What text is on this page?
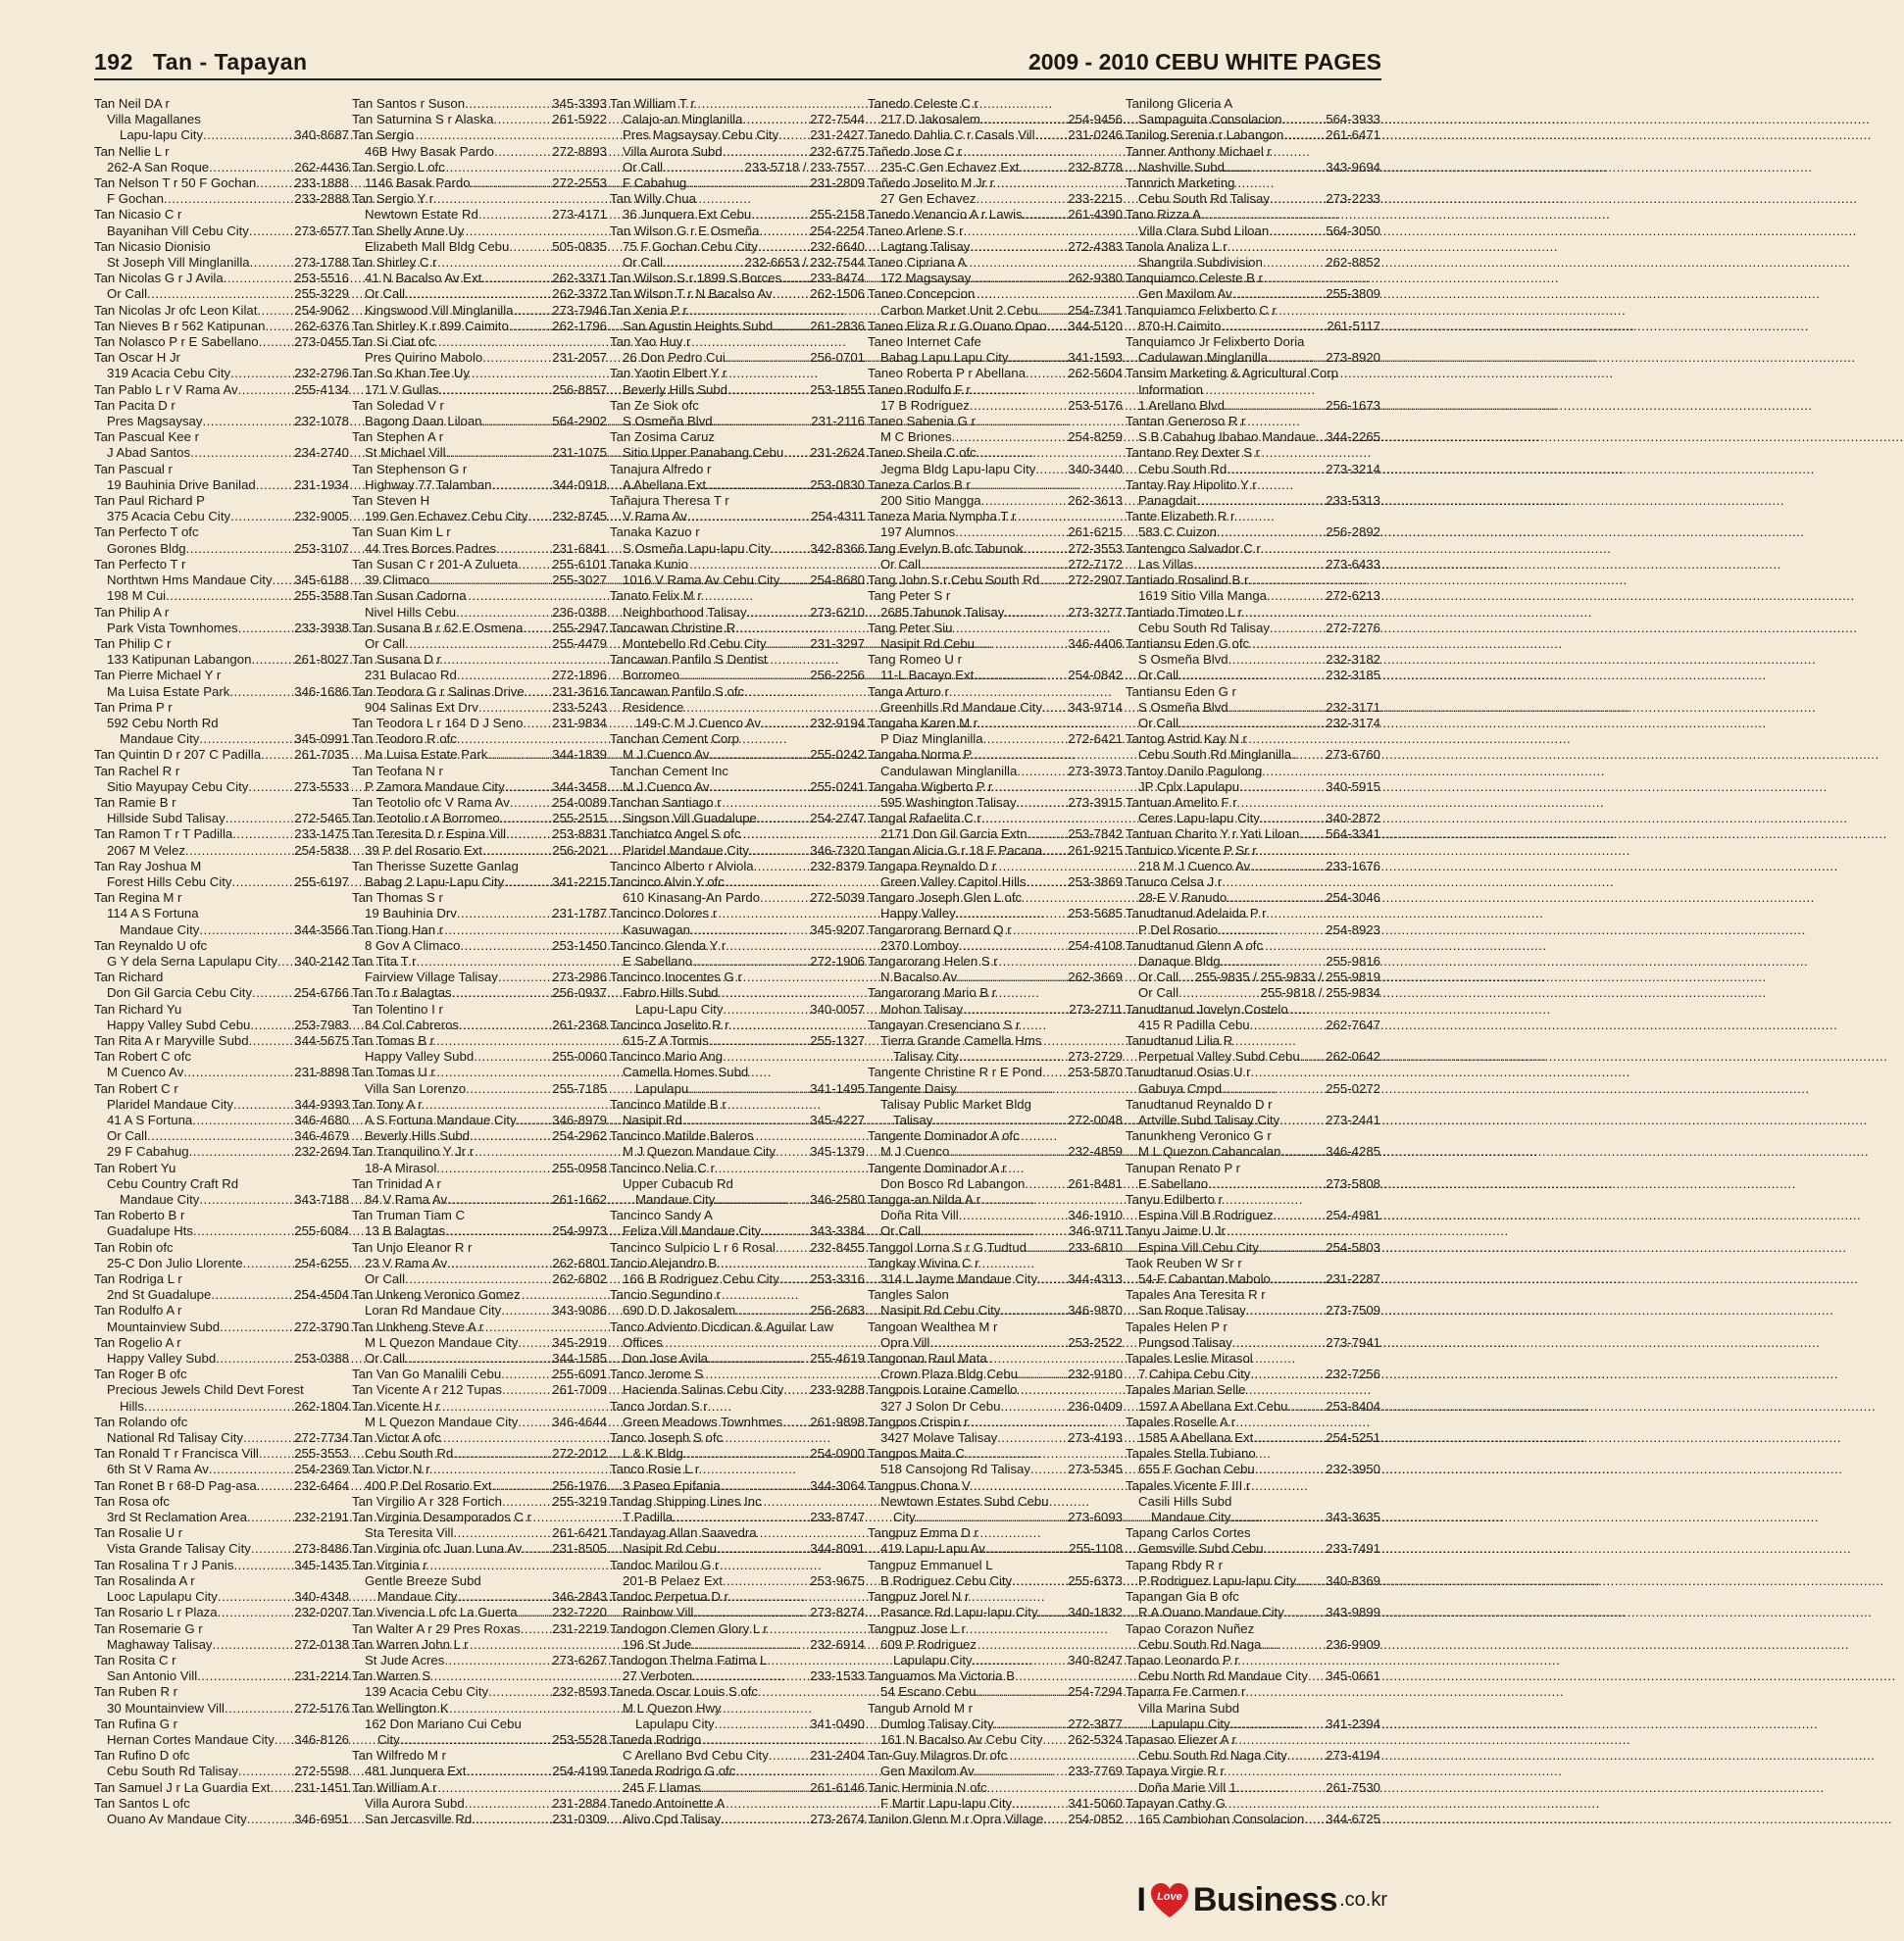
192 Tan - Tapayan	2009 - 2010 CEBU WHITE PAGES
Tan Neil DA r
Villa Magallanes
Lapu-lapu City .....	340-8687
Tan Nellie L r
262-A San Roque .....	262-4436
Tan Nelson T r 50 F Gochan .....	233-1888
F Gochan .....	233-2888
Tan Nicasio C r
Bayanihan Vill Cebu City .....	273-6577
Tan Nicasio Dionisio
St Joseph Vill Minglanilla .....	273-1788
Tan Nicolas G r J Avila .....	253-5516
Or Call .....	255-3229
Tan Nicolas Jr ofc Leon Kilat .....	254-9062
Tan Nieves B r 562 Katipunan ..... 262-6376
Tan Nolasco P r E Sabellano .....	273-0455
Tan Oscar H Jr
319 Acacia Cebu City .....	232-2796
Tan Pablo L r V Rama Av .....	255-4134
Tan Pacita D r
Pres Magsaysay .....	232-1078
Tan Pascual Kee r
J Abad Santos .....	234-2740
Tan Pascual r
19 Bauhinia Drive Banilad .....	231-1934
Tan Paul Richard P
375 Acacia Cebu City .....	232-9005
Tan Perfecto T ofc
Gorones Bldg .....	253-3107
Tan Perfecto T r
Northtwn Hms Mandaue City ..... 345-6188
198 M Cui .....	255-3588
Tan Philip A r
Park Vista Townhomes .....	233-3938
Tan Philip C r
133 Katipunan Labangon .....	261-8027
Tan Pierre Michael Y r
Ma Luisa Estate Park .....	346-1686
Tan Prima P r
592 Cebu North Rd
Mandaue City .....	345-0991
Tan Quintin D r 207 C Padilla .....	261-7035
Tan Rachel R r
Sitio Mayupay Cebu City .....	273-5533
Tan Ramie B r
Hillside Subd Talisay .....	272-5465
Tan Ramon T r T Padilla .....	233-1475
2067 M Velez .....	254-5838
Tan Ray Joshua M
Forest Hills Cebu City .....	255-6197
Tan Regina M r
114 A S Fortuna
Mandaue City .....	344-3566
Tan Reynaldo U ofc
G Y dela Serna Lapulapu City ..... 340-2142
Tan Richard
Don Gil Garcia Cebu City .....	254-6766
Tan Richard Yu
Happy Valley Subd Cebu .....	253-7983
Tan Rita A r Maryville Subd .....	344-5675
Tan Robert C ofc
M Cuenco Av .....	231-8898
Tan Robert C r
Plaridel Mandaue City .....	344-9393
41 A S Fortuna .....	346-4680
Or Call .....	346-4679
29 F Cabahug .....	232-2694
Tan Robert Yu
Cebu Country Craft Rd
Mandaue City .....	343-7188
Tan Roberto B r
Guadalupe Hts .....	255-6084
Tan Robin ofc
25-C Don Julio Llorente .....	254-6255
Tan Rodriga L r
2nd St Guadalupe .....	254-4504
Tan Rodulfo A r
Mountainview Subd .....	272-3790
Tan Rogelio A r
Happy Valley Subd .....	253-0388
Tan Roger B ofc
Precious Jewels Child Devt Forest
Hills .....	262-1804
Tan Rolando ofc
National Rd Talisay City .....	272-7734
Tan Ronald T r Francisca Vill .....	255-3553
6th St V Rama Av .....	254-2369
Tan Ronet B r 68-D Pag-asa .....	232-6464
Tan Rosa ofc
3rd St Reclamation Area .....	232-2191
Tan Rosalie U r
Vista Grande Talisay City .....	273-8486
Tan Rosalina T r J Panis .....	345-1435
Tan Rosalinda A r
Looc Lapulapu City .....	340-4348
Tan Rosario L r Plaza .....	232-0207
Tan Rosemarie G r
Maghaway Talisay .....	272-0138
Tan Rosita C r
San Antonio Vill .....	231-2214
Tan Ruben R r
30 Mountainview Vill .....	272-5176
Tan Rufina G r
Hernan Cortes Mandaue City ..... 346-8126
Tan Rufino D ofc
Cebu South Rd Talisay .....	272-5598
Tan Samuel J r La Guardia Ext ..... 231-1451
Tan Santos L ofc
Ouano Av Mandaue City .....	346-6951
Tan Santos r Suson .....	345-3393
Tan Saturnina S r Alaska .....	261-5922
Tan Sergio
46B Hwy Basak Pardo .....	272-8893
Tan Sergio L ofc
1146 Basak Pardo .....	272-2553
Tan Sergio Y r
Newtown Estate Rd .....	273-4171
Tan Shelly Anne Uy
Elizabeth Mall Bldg Cebu .....	505-0835
Tan Shirley C r
41 N Bacalso Av Ext .....	262-3371
Or Call .....	262-3372
Kingswood Vill Minglanilla .....	273-7946
Tan Shirley K r 899 Caimito .....	262-1796
Tan Si Ciat ofc
Pres Quirino Mabolo .....	231-2057
Tan So Khan Tee Uy
171 V Gullas .....	256-8857
Tan Soledad V r
Bagong Daan Liloan .....	564-2902
Tan Stephen A r
St Michael Vill .....	231-1075
Tan Stephenson G r
Highway 77 Talamban .....	344-0918
Tan Steven H
199 Gen Echavez Cebu City ..... 232-8745
Tan Suan Kim L r
44 Tres Borces Padres .....	231-6841
Tan Susan C r 201-A Zulueta .....	255-6101
39 Climaco .....	255-3027
Tan Susan Cadorna
Nivel Hills Cebu .....	236-0388
Tan Susana B r 62 E Osmena ..... 255-2947
Or Call .....	255-4479
Tan Susana D r
231 Bulacao Rd .....	272-1896
Tan Teodora G r Salinas Drive ..... 231-3616
904 Salinas Ext Drv .....	233-5243
Tan Teodora L r 164 D J Seno ..... 231-9834
Tan Teodoro R ofc
Ma Luisa Estate Park .....	344-1839
Tan Teofana N r
P Zamora Mandaue City .....	344-3458
Tan Teotolio ofc V Rama Av .....	254-0089
Tan Teotolio r A Borromeo .....	255-2515
Tan Teresita D r Espina Vill .....	253-8831
39 P del Rosario Ext .....	256-2021
Tan Therisse Suzette Ganlag
Babag 2 Lapu-Lapu City .....	341-2215
Tan Thomas S r
19 Bauhinia Drv .....	231-1787
Tan Tiong Han r
8 Gov A Climaco .....	253-1450
Tan Tita T r
Fairview Village Talisay .....	273-2986
Tan To r Balagtas .....	256-0937
Tan Tolentino I r
84 Col Cabreros .....	261-2368
Tan Tomas B r
Happy Valley Subd .....	255-0060
Tan Tomas U r
Villa San Lorenzo .....	255-7185
Tan Tony A r
A S Fortuna Mandaue City .....	346-8979
Beverly Hills Subd .....	254-2962
Tan Tranquilino Y Jr r
18-A Mirasol .....	255-0958
Tan Trinidad A r
84 V Rama Av .....	261-1662
Tan Truman Tiam C
13 B Balagtas .....	254-9973
Tan Unjo Eleanor R r
23 V Rama Av .....	262-6801
Or Call .....	262-6802
Tan Unkeng Veronico Gomez
Loran Rd Mandaue City .....	343-9086
Tan Unkheng Steve A r
M L Quezon Mandaue City .....	345-2919
Or Call .....	344-1585
Tan Van Go Manalili Cebu .....	255-6091
Tan Vicente A r 212 Tupas .....	261-7009
Tan Vicente H r
M L Quezon Mandaue City .....	346-4644
Tan Victor A ofc
Cebu South Rd .....	272-2012
Tan Victor N r
400 P Del Rosario Ext .....	256-1976
Tan Virgilio A r 328 Fortich .....	255-3219
Tan Virginia Desamporados C r
Sta Teresita Vill .....	261-6421
Tan Virginia ofc Juan Luna Av ..... 231-8505
Tan Virginia r
Gentle Breeze Subd
Mandaue City .....	346-2843
Tan Vivencia L ofc La Guerta .....	232-7220
Tan Walter A r 29 Pres Roxas ..... 231-2219
Tan Warren John L r
St Jude Acres .....	273-6267
Tan Warren S
139 Acacia Cebu City .....	232-8593
Tan Wellington K
162 Don Mariano Cui Cebu
City .....	253-5528
Tan Wilfredo M r
481 Junquera Ext .....	254-4199
Tan William A r
Villa Aurora Subd .....	231-2884
San Jercasville Rd .....	231-0309
Tan William T r
Calajo-an Minglanilla .....	272-7544
Pres Magsaysay Cebu City ..... 231-2427
Villa Aurora Subd .....	232-6775
Or Call .....	233-5718 / 233-7557
F Cabahug .....	231-2809
Tan Willy Chua
36 Junquera Ext Cebu .....	255-2158
Tan Wilson G r E Osmeña .....	254-2254
75 F Gochan Cebu City .....	232-6640
Or Call .....	232-6653 / 232-7544
Tan Wilson S r 1899 S Borces ..... 233-8474
Tan Wilson T r N Bacalso Av .....	262-1506
Tan Xenia P r
San Agustin Heights Subd .....	261-2836
Tan Yao Huy r
26 Don Pedro Cui .....	256-0701
Tan Yaotin Elbert Y r
Beverly Hills Subd .....	253-1855
Tan Ze Siok ofc
S Osmeña Blvd .....	231-2116
Tan Zosima Caruz
Sitio Upper Panabang Cebu ..... 231-2624
Tanajura Alfredo r
A Abellana Ext .....	253-0830
Tañajura Theresa T r
V Rama Av .....	254-4311
Tanaka Kazuo r
S Osmeña Lapu-lapu City .....	342-8366
Tanaka Kunio
1016 V Rama Av Cebu City ..... 254-8680
Tanato Felix M r
Neighborhood Talisay .....	273-6210
Tancawan Christine R
Montebello Rd Cebu City .....	231-3297
Tancawan Panfilo S Dentist
Borromeo .....	256-2256
Tancawan Panfilo S ofc
Residence
149-C M J Cuenco Av .....	232-9194
Tanchan Cement Corp
M J Cuenco Av .....	255-0242
Tanchan Cement Inc
M J Cuenco Av .....	255-0241
Tanchan Santiago r
Singson Vill Guadalupe .....	254-2747
Tanchiatco Angel S ofc
Plaridel Mandaue City .....	346-7320
Tancinco Alberto r Alviola .....	232-8379
Tancinco Alvin Y ofc
610 Kinasang-An Pardo .....	272-5039
Tancinco Dolores r
Kasuwagan .....	345-9207
Tancinco Glenda Y r
E Sabellano .....	272-1906
Tancinco Inocentes G r
Fabro Hills Subd
Lapu-Lapu City .....	340-0057
Tancinco Joselito R r
615-Z A Tormis .....	255-1327
Tancinco Mario Ang
Camella Homes Subd
Lapulapu .....	341-1495
Tancinco Matilde B r
Nasipit Rd .....	345-4227
Tancinco Matilde Baleros
M J Quezon Mandaue City .....	345-1379
Tancinco Nelia C r
Upper Cubacub Rd
Mandaue City .....	346-2580
Tancinco Sandy A
Feliza Vill Mandaue City .....	343-3384
Tancinco Sulpicio L r 6 Rosal .....	232-8455
Tancio Alejandro B
166 B Rodriguez Cebu City ..... 253-3316
Tancio Segundino r
690 D D Jakosalem .....	256-2683
Tanco Adviento Dicdican & Aguilar Law
Offices
Don Jose Avila .....	255-4619
Tanco Jerome S
Hacienda Salinas Cebu City ..... 233-9288
Tanco Jordan S r
Green Meadows Townhmes ..... 261-9898
Tanco Joseph S ofc
L & K Bldg .....	254-0900
Tanco Rosie L r
3 Paseo Epifania .....	344-3064
Tandag Shipping Lines Inc
T Padilla .....	233-8747
Tandayag Allan Saavedra
Nasipit Rd Cebu .....	344-8091
Tandoc Marilou G r
201-B Pelaez Ext .....	253-9675
Tandoc Perpetua D r
Rainbow Vill .....	273-8274
Tandogon Clemen Glory L r
196 St Jude .....	232-6914
Tandogon Thelma Fatima L
27 Verboten .....	233-1533
Taneda Oscar Louis S ofc
M L Quezon Hwy
Lapulapu City .....	341-0490
Taneda Rodrigo
C Arellano Bvd Cebu City .....	231-2404
Taneda Rodrigo G ofc
245 F Llamas .....	261-6146
Tanedo Antoinette A
Alivo Cpd Talisay .....	273-2674
Tanedo Celeste C r
217 D Jakosalem .....	254-9456
Tanedo Dahlia C r Casals Vill .....	231-0246
Tañedo Jose C r
235-C Gen Echavez Ext .....	232-8778
Tañedo Joselito M Jr r
27 Gen Echavez .....	233-2215
Tanedo Venancio A r Lawis .....	261-4390
Taneo Arlene S r
Lagtang Talisay .....	272-4383
Taneo Cipriana A
172 Magsaysay .....	262-9380
Taneo Concepcion
Carbon Market Unit 2 Cebu ..... 254-7341
Taneo Eliza R r G Ouano Opao ..... 344-5120
Taneo Internet Cafe
Babag Lapu Lapu City .....	341-1593
Taneo Roberta P r Abellana .....	262-5604
Taneo Rodulfo F r
17 B Rodriguez .....	253-5176
Taneo Sabenia G r
M C Briones .....	254-8259
Taneo Sheila C ofc
Jegma Bldg Lapu-lapu City ..... 340-3440
Taneza Carlos B r
200 Sitio Mangga .....	262-3613
Taneza Maria Nympha T r
197 Alumnos .....	261-6215
Tang Evelyn B ofc Tabunok .....	272-3553
Or Call .....	272-7172
Tang John S r Cebu South Rd ..... 272-2907
Tang Peter S r
2685 Tabunok Talisay .....	273-3277
Tang Peter Siu
Nasipit Rd Cebu .....	346-4406
Tang Romeo U r
11-L Bacayo Ext .....	254-0842
Tanga Arturo r
Greenhills Rd Mandaue City ..... 343-9714
Tangaha Karen M r
P Diaz Minglanilla .....	272-6421
Tangaha Norma P
Candulawan Minglanilla .....	273-3973
Tangaha Wigberto P r
595 Washington Talisay .....	273-3915
Tangal Rafaelita C r
2171 Don Gil Garcia Extn .....	253-7842
Tangan Alicia G r 18 F Pacana ..... 261-9215
Tangapa Reynaldo D r
Green Valley Capitol Hills .....	253-3869
Tangaro Joseph Glen L ofc
Happy Valley .....	253-5685
Tangarorang Bernard Q r
2370 Lomboy .....	254-4108
Tangarorang Helen S r
N Bacalso Av .....	262-3669
Tangarorang Mario B r
Mohon Talisay .....	273-2711
Tangayan Cresenciano S r
Tierra Grande Camella Hms
Talisay City .....	273-2729
Tangente Christine R r E Pond ..... 253-5870
Tangente Daisy
Talisay Public Market Bldg
Talisay .....	272-0048
Tangente Dominador A ofc
M J Cuenco .....	232-4859
Tangente Dominador A r
Don Bosco Rd Labangon .....	261-8481
Tangga-an Nilda A r
Doña Rita Vill .....	346-1910
Or Call .....	346-9711
Tanggol Lorna S r G Tudtud .....	233-6810
Tangkay Wivina C r
314 L Jayme Mandaue City ..... 344-4313
Tangles Salon
Nasipit Rd Cebu City .....	346-9870
Tangoan Wealthea M r
Opra Vill .....	253-2522
Tangonan Raul Mata
Crown Plaza Bldg Cebu .....	232-9180
Tangpois Loraine Camello
327 J Solon Dr Cebu .....	236-0409
Tangpos Crispin r
3427 Molave Talisay .....	273-4193
Tangpos Maita C
518 Cansojong Rd Talisay .....	273-5345
Tangpus Chona V
Newtown Estates Subd Cebu
City .....	273-6093
Tangpuz Emma D r
419 Lapu-Lapu Av .....	255-1108
Tangpuz Emmanuel L
B Rodriguez Cebu City .....	255-6373
Tangpuz Jorel N r
Pasance Rd Lapu-lapu City ..... 340-1832
Tangpuz Jose L r
609 P Rodriguez
Lapulapu City .....	340-8247
Tanguamos Ma Victoria B
54 Escano Cebu .....	254-7294
Tangub Arnold M r
Dumlog Talisay City .....	272-3877
161 N Bacalso Av Cebu City ..... 262-5324
Tan-Guy Milagros Dr ofc
Gen Maxilom Av .....	233-7769
Tanic Herminia N ofc
F Martir Lapu-lapu City .....	341-5060
Tanilon Glenn M r Opra Village ..... 254-0852
Tanilong Gliceria A
Sampaguita Consolacion .....	564-3933
Tanilog Serenia r Labangon .....	261-6471
Tanner Anthony Michael r
Nashville Subd .....	343-9694
Tannrich Marketing
Cebu South Rd Talisay .....	273-2233
Tano Rizza A
Villa Clara Subd Liloan .....	564-3050
Tanola Analiza L r
Shangrila Subdivision .....	262-8852
Tanquiamco Celeste B r
Gen Maxilom Av .....	255-3809
Tanquiamco Felixberto C r
870-H Caimito .....	261-5117
Tanquiamco Jr Felixberto Doria
Cadulawan Minglanilla .....	273-8920
Tansim Marketing & Agricultural Corp
Information
1 Arellano Blvd .....	256-1673
Tantan Generoso R r
S B Cabahug Ibabao Mandaue ..... 344-2265
Tantano Rey Dexter S r
Cebu South Rd .....	273-3214
Tantay Ray Hipolito Y r
Panagdait .....	233-5313
Tante Elizabeth R r
583 C Cuizon .....	256-2892
Tantengco Salvador C r
Las Villas .....	273-6433
Tantiado Rosalind B r
1619 Sitio Villa Manga .....	272-6213
Tantiado Timoteo L r
Cebu South Rd Talisay .....	272-7276
Tantiansu Eden G ofc
S Osmeña Blvd .....	232-3182
Or Call .....	232-3185
Tantiansu Eden G r
S Osmeña Blvd .....	232-3171
Or Call .....	232-3174
Tantog Astrid Kay N r
Cebu South Rd Minglanilla .....	273-6760
Tantoy Danilo Pagulong
JP Cplx Lapulapu .....	340-5915
Tantuan Amelito F r
Ceres Lapu-lapu City .....	340-2872
Tantuan Charito Y r Yati Liloan ..... 564-3341
Tantuico Vicente P Sr r
218 M J Cuenco Av .....	233-1676
Tanuco Celsa J r
28-E V Ranudo .....	254-3046
Tanudtanud Adelaida P r
P Del Rosario .....	254-8923
Tanudtanud Glenn A ofc
Danaque Bldg .....	255-9816
Or Call ..... 255-9835 / 255-9833 / 255-9819
Or Call .....	255-9818 / 255-9834
Tanudtanud Jovelyn Costelo
415 R Padilla Cebu .....	262-7647
Tanudtanud Lilia R
Perpetual Valley Subd Cebu ..... 262-0642
Tanudtanud Osias U r
Gabuya Cmpd .....	255-0272
Tanudtanud Reynaldo D r
Artville Subd Talisay City .....	273-2441
Tanunkheng Veronico G r
M L Quezon Cabancalan .....	346-4285
Tanupan Renato P r
E Sabellano .....	273-5808
Tanyu Edilberto r
Espina Vill B Rodriguez .....	254-4981
Tanyu Jaime U Jr
Espina Vill Cebu City .....	254-5803
Taok Reuben W Sr r
54-F Cabantan Mabolo .....	231-2287
Tapales Ana Teresita R r
San Roque Talisay .....	273-7509
Tapales Helen P r
Pungsod Talisay .....	273-7941
Tapales Leslie Mirasol
7 Cahipa Cebu City .....	232-7256
Tapales Marian Selle
1597 A Abellana Ext Cebu .....	253-8404
Tapales Roselle A r
1585 A Abellana Ext .....	254-5251
Tapales Stella Tubiano
655 F Gochan Cebu .....	232-3950
Tapales Vicente F III r
Casili Hills Subd
Mandaue City .....	343-3635
Tapang Carlos Cortes
Gemsville Subd Cebu .....	233-7491
Tapang Rbdy R r
P Rodriguez Lapu-lapu City ..... 340-8369
Tapangan Gia B ofc
R A Ouano Mandaue City .....	343-9899
Tapao Corazon Nuñez
Cebu South Rd Naga .....	236-9909
Tapao Leonardo P r
Cebu North Rd Mandaue City ..... 345-0661
Taparra Fe Carmen r
Villa Marina Subd
Lapulapu City .....	341-2394
Tapasao Eliezer A r
Cebu South Rd Naga City .....	273-4194
Tapaya Virgie R r
Doña Marie Vill 1 .....	261-7530
Tapayan Cathy G
165 Cambiohan Consolacion ..... 344-6725
I	Love Business .co.kr
